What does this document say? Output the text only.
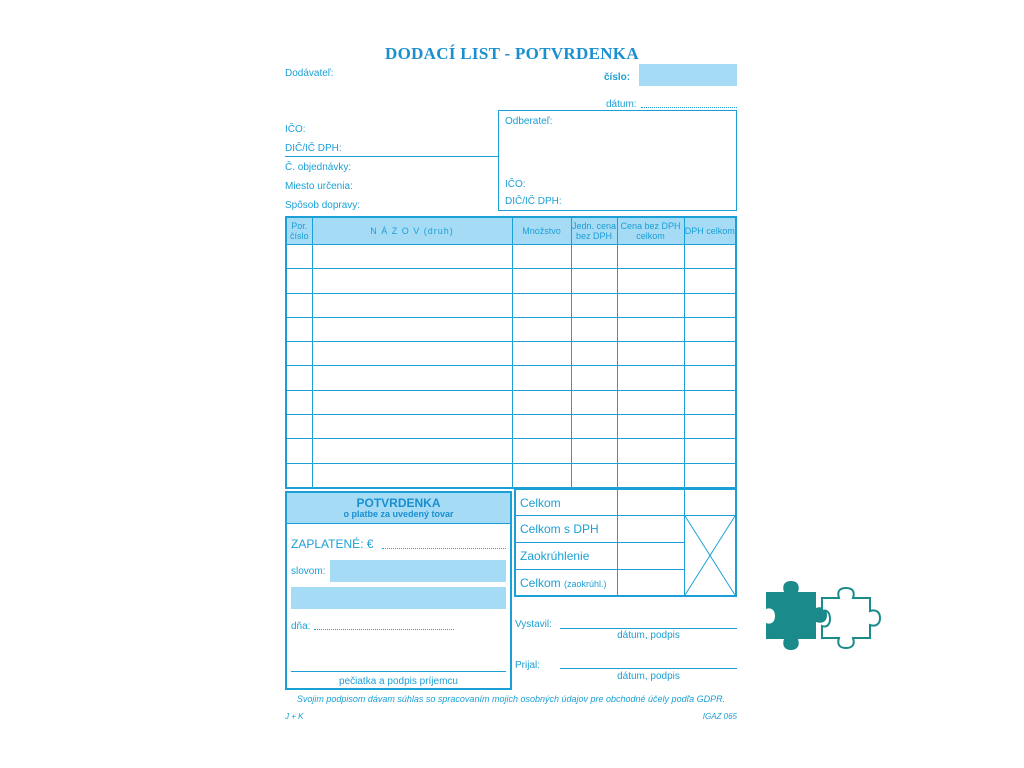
DODACÍ LIST - POTVRDENKA
Dodávateľ:	číslo:
dátum:
IČO:
DIČ/IČ DPH:
Č. objednávky:
Miesto určenia:
Spôsob dopravy:
Odberateľ:
IČO:
DIČ/IČ DPH:
Por. číslo	N Á Z O V (druh)	Množstvo	Jedn. cena bez DPH	Cena bez DPH celkom	DPH celkom

POTVRDENKA
o platbe za uvedený tovar
ZAPLATENÉ: €
slovom:
dňa:
pečiatka a podpis príjemcu
Celkom
Celkom s DPH
Zaokrúhlenie
Celkom (zaokrúhl.)
Vystavil:
dátum, podpis
Prijal:
dátum, podpis
Svojim podpisom dávam súhlas so spracovaním mojich osobných údajov pre obchodné účely podľa GDPR.
J + K	IGAZ 065
